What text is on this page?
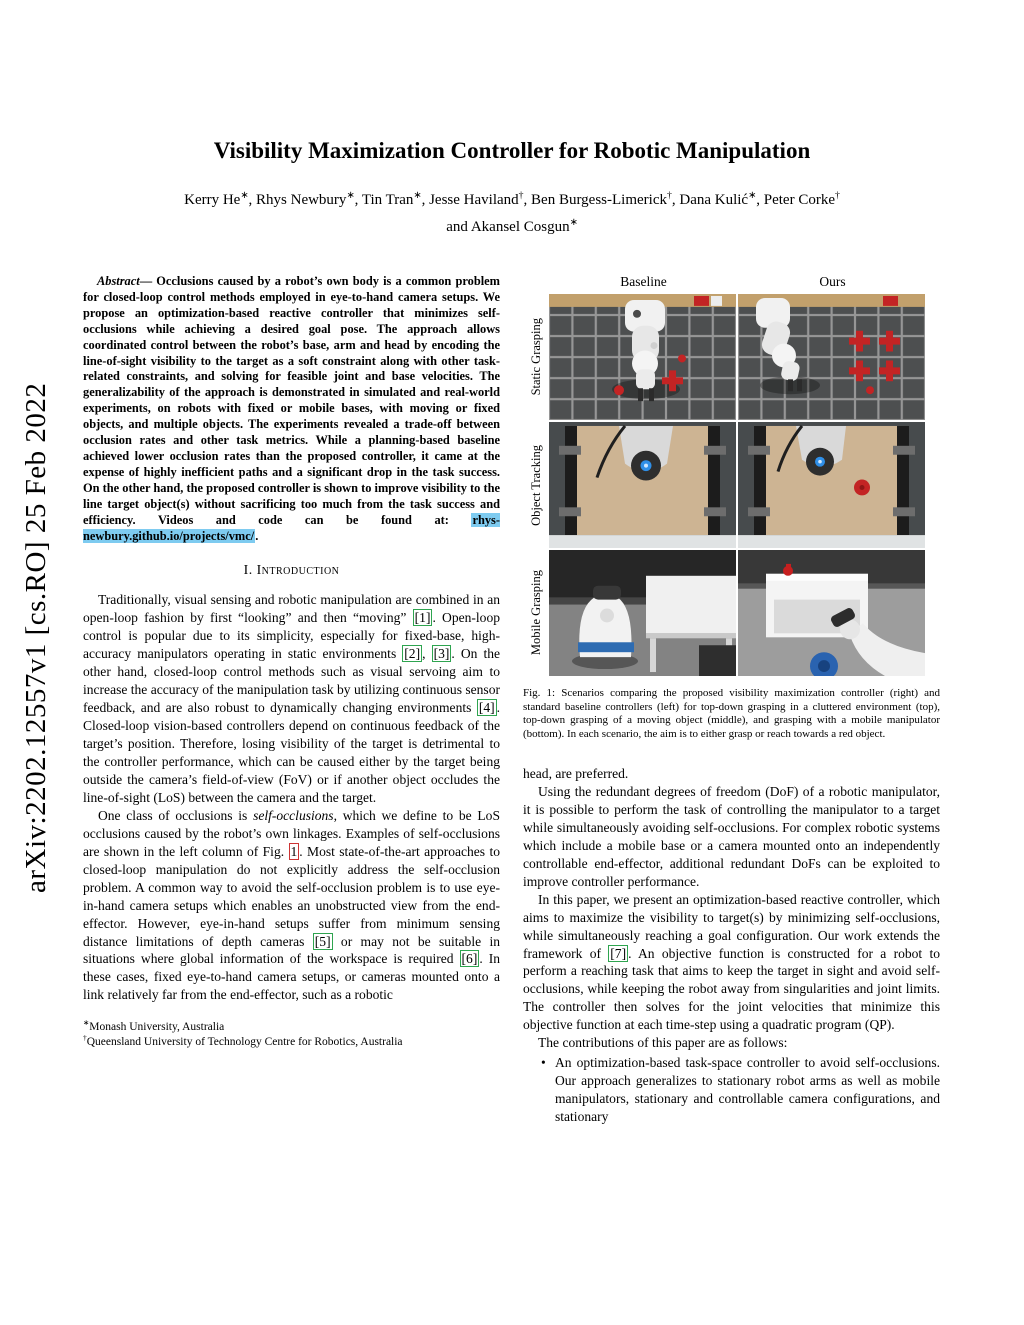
arXiv:2202.12557v1 [cs.RO] 25 Feb 2022
Visibility Maximization Controller for Robotic Manipulation
Kerry He∗, Rhys Newbury∗, Tin Tran∗, Jesse Haviland†, Ben Burgess-Limerick†, Dana Kulić∗, Peter Corke†
and Akansel Cosgun∗

Abstract— Occlusions caused by a robot’s own body is a common problem for closed-loop control methods employed in eye-to-hand camera setups. We propose an optimization-based reactive controller that minimizes self-occlusions while achieving a desired goal pose. The approach allows coordinated control between the robot’s base, arm and head by encoding the line-of-sight visibility to the target as a soft constraint along with other task-related constraints, and solving for feasible joint and base velocities. The generalizability of the approach is demonstrated in simulated and real-world experiments, on robots with fixed or mobile bases, with moving or fixed objects, and multiple objects. The experiments revealed a trade-off between occlusion rates and other task metrics. While a planning-based baseline achieved lower occlusion rates than the proposed controller, it came at the expense of highly inefficient paths and a significant drop in the task success. On the other hand, the proposed controller is shown to improve visibility to the line target object(s) without sacrificing too much from the task success and efficiency. Videos and code can be found at: rhys-newbury.github.io/projects/vmc/.

I. Introduction

Traditionally, visual sensing and robotic manipulation are combined in an open-loop fashion by first “looking” and then “moving” [1] . Open-loop control is popular due to its simplicity, especially for fixed-base, high-accuracy manipulators operating in static environments [2] , [3] . On the other hand, closed-loop control methods such as visual servoing aim to increase the accuracy of the manipulation task by utilizing continuous sensor feedback, and are also robust to dynamically changing environments [4] . Closed-loop vision-based controllers depend on continuous feedback of the target’s position. Therefore, losing visibility of the target is detrimental to the controller performance, which can be caused either by the target being outside the camera’s field-of-view (FoV) or if another object occludes the line-of-sight (LoS) between the camera and the target.

One class of occlusions is self-occlusions, which we define to be LoS occlusions caused by the robot’s own linkages. Examples of self-occlusions are shown in the left column of Fig. 1 . Most state-of-the-art approaches to closed-loop manipulation do not explicitly address the self-occlusion problem. A common way to avoid the self-occlusion problem is to use eye-in-hand camera setups which enables an unobstructed view from the end-effector. However, eye-in-hand setups suffer from minimum sensing distance limitations of depth cameras [5] or may not be suitable in situations where global information of the workspace is required [6] . In these cases, fixed eye-to-hand camera setups, or cameras mounted onto a link relatively far from the end-effector, such as a robotic

∗Monash University, Australia
†Queensland University of Technology Centre for Robotics, Australia
Baseline	Ours
Static Grasping
Object Tracking
Mobile Grasping
Fig. 1: Scenarios comparing the proposed visibility maximization controller (right) and standard baseline controllers (left) for top-down grasping in a cluttered environment (top), top-down grasping of a moving object (middle), and grasping with a mobile manipulator (bottom). In each scenario, the aim is to either grasp or reach towards a red object.

head, are preferred.

Using the redundant degrees of freedom (DoF) of a robotic manipulator, it is possible to perform the task of controlling the manipulator to a target while simultaneously avoiding self-occlusions. For complex robotic systems which include a mobile base or a camera mounted onto an independently controllable end-effector, additional redundant DoFs can be exploited to improve controller performance.

In this paper, we present an optimization-based reactive controller, which aims to maximize the visibility to target(s) by minimizing self-occlusions, while simultaneously reaching a goal configuration. Our work extends the framework of [7] . An objective function is constructed for a robot to perform a reaching task that aims to keep the target in sight and avoid self-occlusions, while keeping the robot away from singularities and joint limits. The controller then solves for the joint velocities that minimize this objective function at each time-step using a quadratic program (QP).

The contributions of this paper are as follows:

• An optimization-based task-space controller to avoid self-occlusions. Our approach generalizes to stationary robot arms as well as mobile manipulators, stationary and controllable camera configurations, and stationary
